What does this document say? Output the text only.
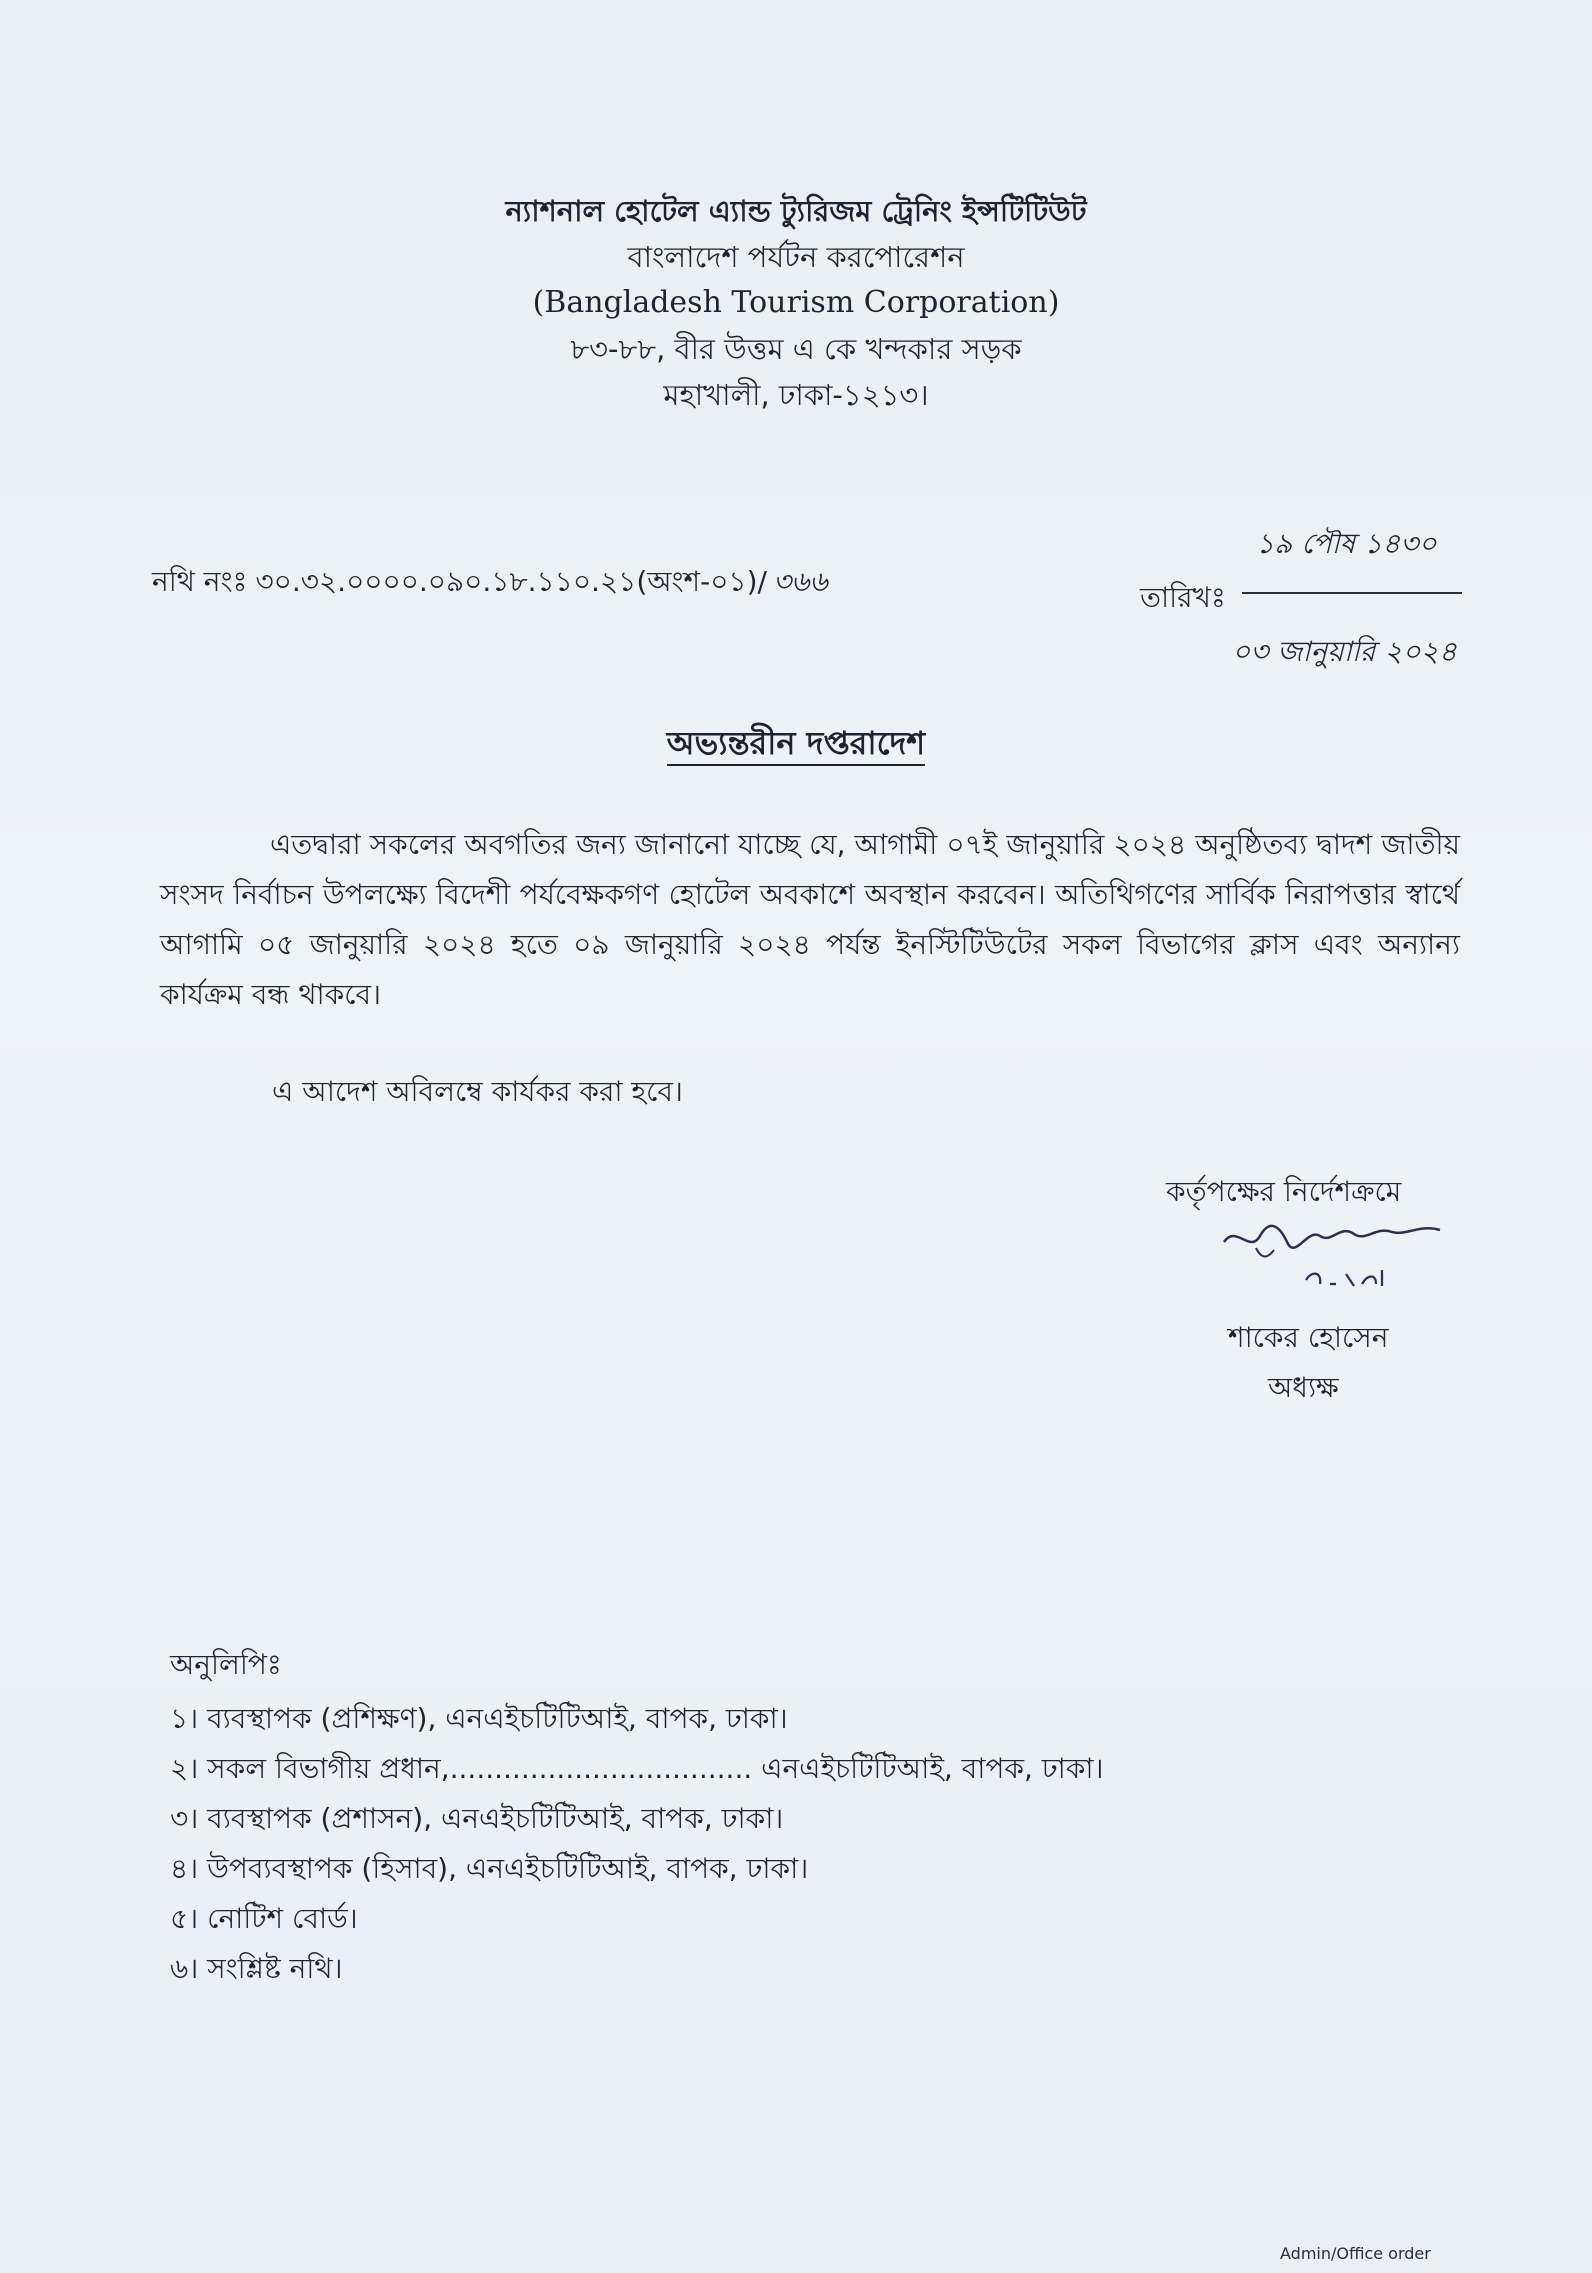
ন্যাশনাল হোটেল এ্যান্ড ট্যুরিজম ট্রেনিং ইন্সটিটিউট
বাংলাদেশ পর্যটন করপোরেশন
(Bangladesh Tourism Corporation)
৮৩-৮৮, বীর উত্তম এ কে খন্দকার সড়ক
মহাখালী, ঢাকা-১২১৩।
নথি নংঃ ৩০.৩২.০০০০.০৯০.১৮.১১০.২১(অংশ-০১)/ ৩৬৬
১৯ পৌষ ১৪৩০
তারিখঃ
০৩ জানুয়ারি ২০২৪
অভ্যন্তরীন দপ্তরাদেশ
এতদ্বারা সকলের অবগতির জন্য জানানো যাচ্ছে যে, আগামী ০৭ই জানুয়ারি ২০২৪ অনুষ্ঠিতব্য দ্বাদশ জাতীয় সংসদ নির্বাচন উপলক্ষ্যে বিদেশী পর্যবেক্ষকগণ হোটেল অবকাশে অবস্থান করবেন। অতিথিগণের সার্বিক নিরাপত্তার স্বার্থে আগামি ০৫ জানুয়ারি ২০২৪ হতে ০৯ জানুয়ারি ২০২৪ পর্যন্ত ইনস্টিটিউটের সকল বিভাগের ক্লাস এবং অন্যান্য কার্যক্রম বন্ধ থাকবে।
এ আদেশ অবিলম্বে কার্যকর করা হবে।
কর্তৃপক্ষের নির্দেশক্রমে
শাকের হোসেন
অধ্যক্ষ
অনুলিপিঃ
১। ব্যবস্থাপক (প্রশিক্ষণ), এনএইচটিটিআই, বাপক, ঢাকা।
২। সকল বিভাগীয় প্রধান,.................................. এনএইচটিটিআই, বাপক, ঢাকা।
৩। ব্যবস্থাপক (প্রশাসন), এনএইচটিটিআই, বাপক, ঢাকা।
৪। উপব্যবস্থাপক (হিসাব), এনএইচটিটিআই, বাপক, ঢাকা।
৫। নোটিশ বোর্ড।
৬। সংশ্লিষ্ট নথি।
Admin/Office order
